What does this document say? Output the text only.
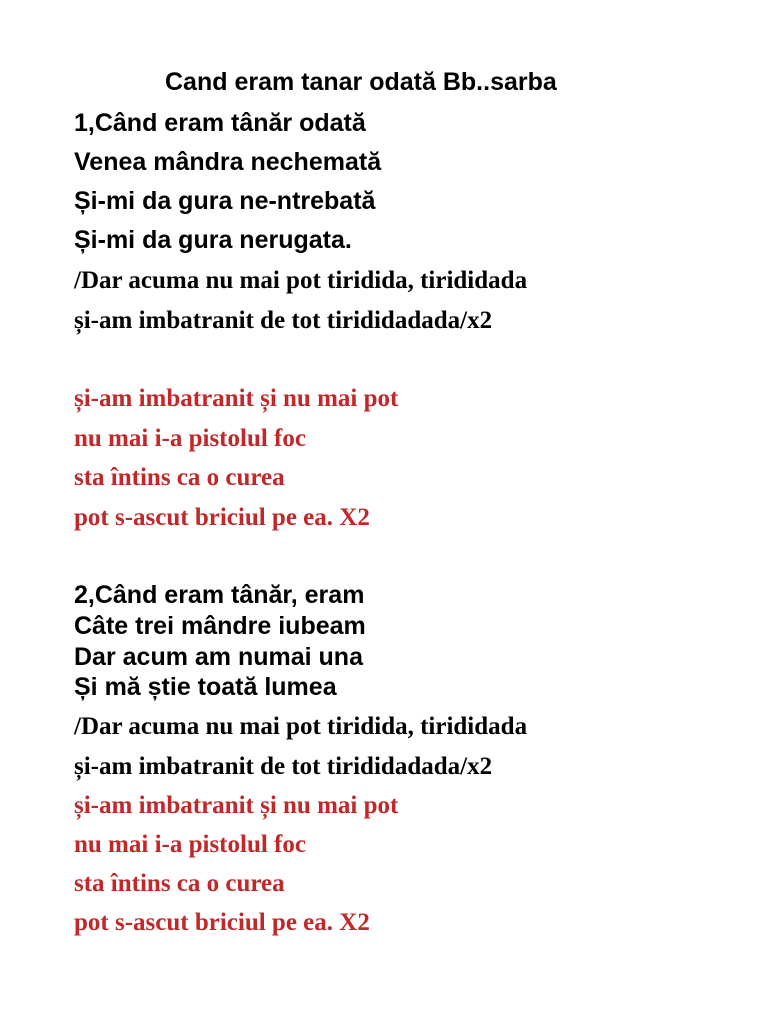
Cand eram tanar odată Bb..sarba
1,Când eram tânăr odată
Venea mândra nechemată
Și-mi da gura ne-ntrebată
Și-mi da gura nerugata.
/Dar acuma nu mai pot tiridida, tirididada
și-am imbatranit de tot tirididadada/x2
și-am imbatranit și nu mai pot
nu mai i-a pistolul foc
sta întins ca o curea
pot s-ascut briciul pe ea. X2
2,Când eram tânăr, eram
Câte trei mândre iubeam
Dar acum am numai una
Și mă știe toată lumea
/Dar acuma nu mai pot tiridida, tirididada
și-am imbatranit de tot tirididadada/x2
și-am imbatranit și nu mai pot
nu mai i-a pistolul foc
sta întins ca o curea
pot s-ascut briciul pe ea. X2
